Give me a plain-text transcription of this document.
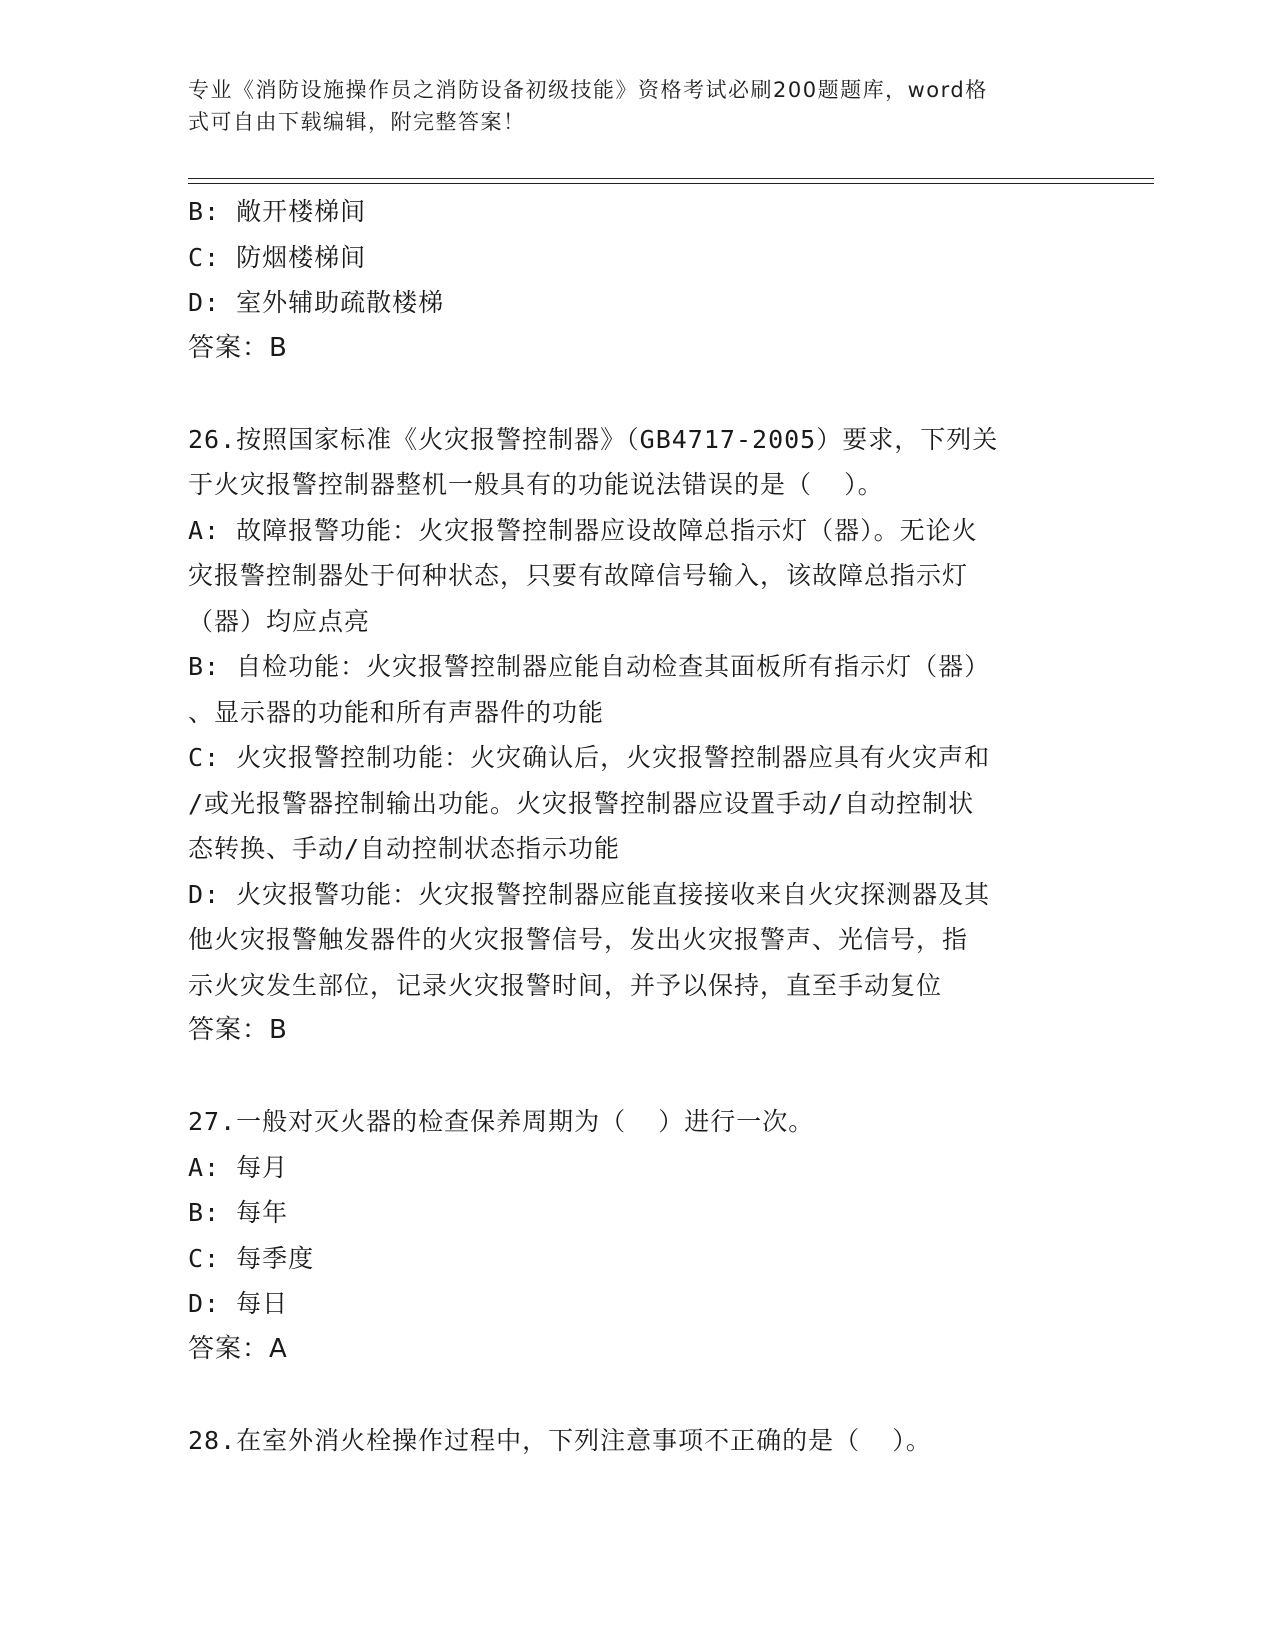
专业《消防设施操作员之消防设备初级技能》资格考试必刷200题题库，word格
式可自由下载编辑，附完整答案！
B: 敞开楼梯间
C: 防烟楼梯间
D: 室外辅助疏散楼梯
答案：B
26.按照国家标准《火灾报警控制器》（GB4717-2005）要求，下列关
于火灾报警控制器整机一般具有的功能说法错误的是（  ）。
A: 故障报警功能：火灾报警控制器应设故障总指示灯（器）。无论火
灾报警控制器处于何种状态，只要有故障信号输入，该故障总指示灯
（器）均应点亮
B: 自检功能：火灾报警控制器应能自动检查其面板所有指示灯（器）
、显示器的功能和所有声器件的功能
C: 火灾报警控制功能：火灾确认后，火灾报警控制器应具有火灾声和
/或光报警器控制输出功能。火灾报警控制器应设置手动/自动控制状
态转换、手动/自动控制状态指示功能
D: 火灾报警功能：火灾报警控制器应能直接接收来自火灾探测器及其
他火灾报警触发器件的火灾报警信号，发出火灾报警声、光信号，指
示火灾发生部位，记录火灾报警时间，并予以保持，直至手动复位
答案：B
27.一般对灭火器的检查保养周期为（  ）进行一次。
A: 每月
B: 每年
C: 每季度
D: 每日
答案：A
28.在室外消火栓操作过程中，下列注意事项不正确的是（  ）。
